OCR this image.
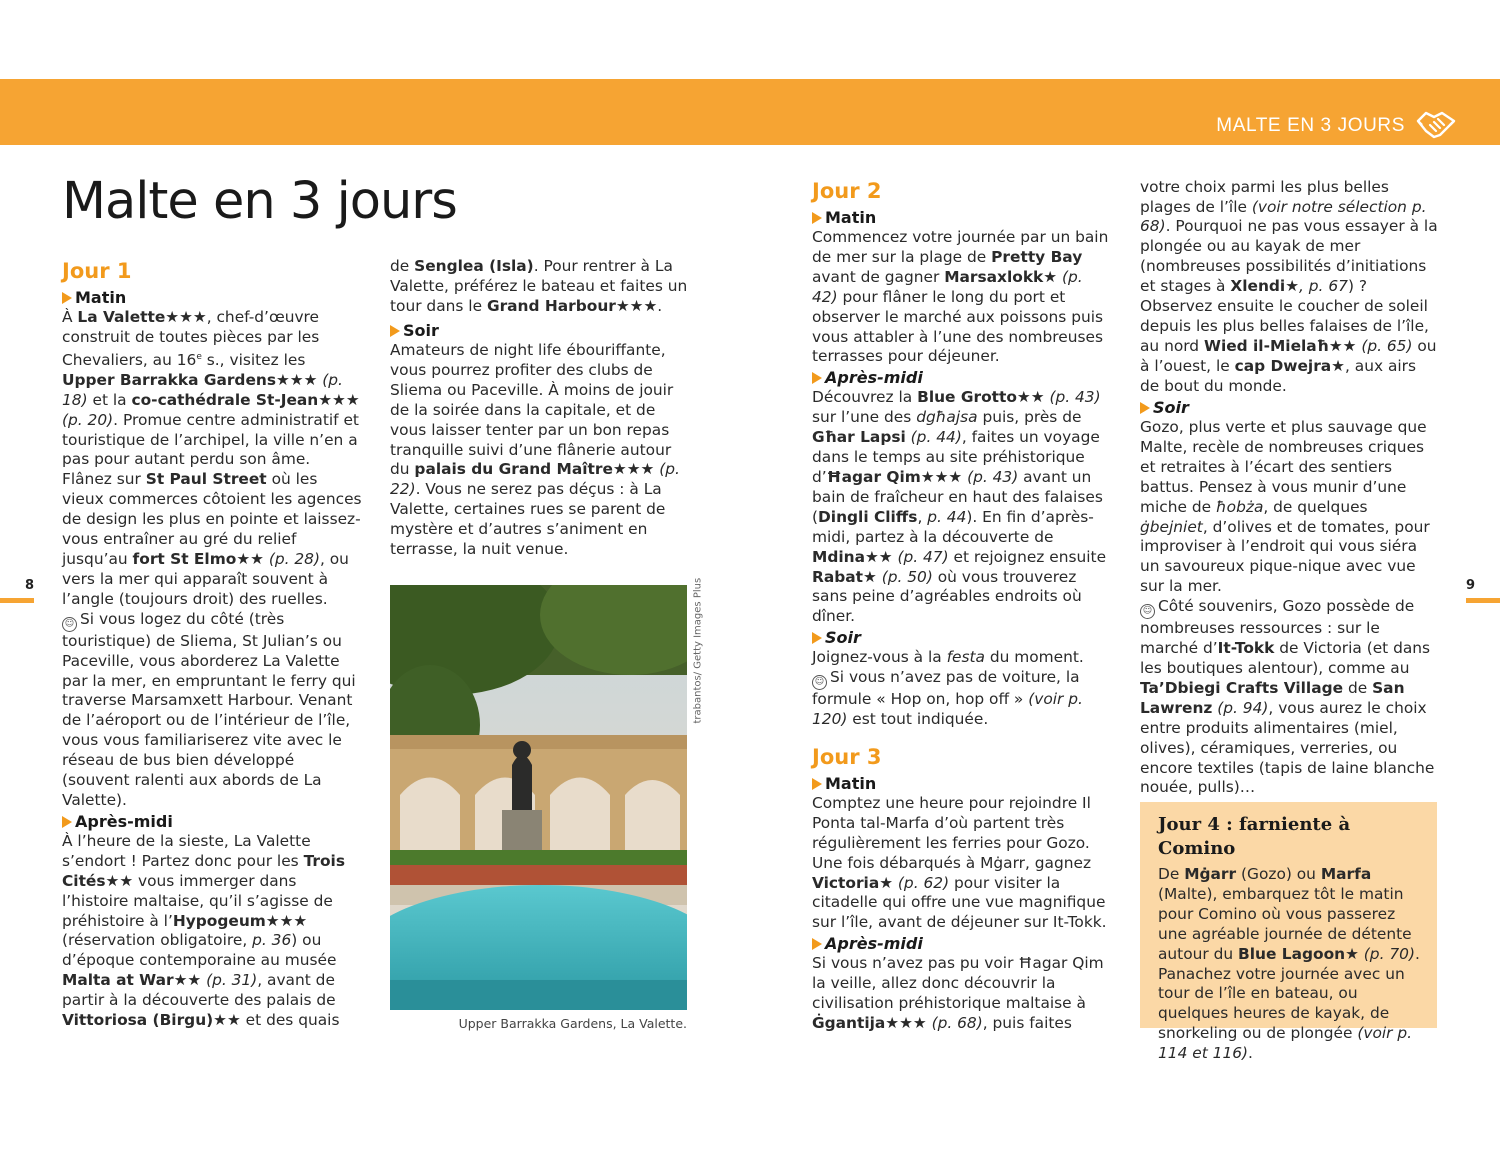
MALTE EN 3 JOURS
Malte en 3 jours
8	9
Jour 1
Matin

À La Valette★★★, chef-d’œuvre construit de toutes pièces par les Chevaliers, au 16e s., visitez les Upper Barrakka Gardens★★★ (p. 18) et la co-cathédrale St-Jean★★★ (p. 20). Promue centre administratif et touristique de l’archipel, la ville n’en a pas pour autant perdu son âme. Flânez sur St Paul Street où les vieux commerces côtoient les agences de design les plus en pointe et laissez-vous entraîner au gré du relief jusqu’au fort St Elmo★★ (p. 28), ou vers la mer qui apparaît souvent à l’angle (toujours droit) des ruelles.

☺ Si vous logez du côté (très touristique) de Sliema, St Julian’s ou Paceville, vous aborderez La Valette par la mer, en empruntant le ferry qui traverse Marsamxett Harbour. Venant de l’aéroport ou de l’intérieur de l’île, vous vous familiariserez vite avec le réseau de bus bien développé (souvent ralenti aux abords de La Valette).

Après-midi

À l’heure de la sieste, La Valette s’endort ! Partez donc pour les Trois Cités★★ vous immerger dans l’histoire maltaise, qu’il s’agisse de préhistoire à l’Hypogeum★★★ (réservation obligatoire, p. 36) ou d’époque contemporaine au musée Malta at War★★ (p. 31), avant de partir à la découverte des palais de Vittoriosa (Birgu)★★ et des quais

de Senglea (Isla). Pour rentrer à La Valette, préférez le bateau et faites un tour dans le Grand Harbour★★★.

Soir

Amateurs de night life ébouriffante, vous pourrez profiter des clubs de Sliema ou Paceville. À moins de jouir de la soirée dans la capitale, et de vous laisser tenter par un bon repas tranquille suivi d’une flânerie autour du palais du Grand Maître★★★ (p. 22). Vous ne serez pas déçus : à La Valette, certaines rues se parent de mystère et d’autres s’animent en terrasse, la nuit venue.

trabantos/ Getty Images Plus
Upper Barrakka Gardens, La Valette.
Jour 2
Matin

Commencez votre journée par un bain de mer sur la plage de Pretty Bay avant de gagner Marsaxlokk★ (p. 42) pour flâner le long du port et observer le marché aux poissons puis vous attabler à l’une des nombreuses terrasses pour déjeuner.

Après-midi

Découvrez la Blue Grotto★★ (p. 43) sur l’une des dgħajsa puis, près de Għar Lapsi (p. 44), faites un voyage dans le temps au site préhistorique d’Ħagar Qim★★★ (p. 43) avant un bain de fraîcheur en haut des falaises (Dingli Cliffs, p. 44). En fin d’après-midi, partez à la découverte de Mdina★★ (p. 47) et rejoignez ensuite Rabat★ (p. 50) où vous trouverez sans peine d’agréables endroits où dîner.

Soir

Joignez-vous à la festa du moment.

☺ Si vous n’avez pas de voiture, la formule « Hop on, hop off » (voir p. 120) est tout indiquée.

Jour 3
Matin

Comptez une heure pour rejoindre Il Ponta tal-Marfa d’où partent très régulièrement les ferries pour Gozo. Une fois débarqués à Mġarr, gagnez Victoria★ (p. 62) pour visiter la citadelle qui offre une vue magnifique sur l’île, avant de déjeuner sur It-Tokk.

Après-midi

Si vous n’avez pas pu voir Ħagar Qim la veille, allez donc découvrir la civilisation préhistorique maltaise à Ġgantija★★★ (p. 68), puis faites

votre choix parmi les plus belles plages de l’île (voir notre sélection p. 68). Pourquoi ne pas vous essayer à la plongée ou au kayak de mer (nombreuses possibilités d’initiations et stages à Xlendi★, p. 67) ? Observez ensuite le coucher de soleil depuis les plus belles falaises de l’île, au nord Wied il-Mielaħ★★ (p. 65) ou à l’ouest, le cap Dwejra★, aux airs de bout du monde.

Soir

Gozo, plus verte et plus sauvage que Malte, recèle de nombreuses criques et retraites à l’écart des sentiers battus. Pensez à vous munir d’une miche de ħobża, de quelques ġbejniet, d’olives et de tomates, pour improviser à l’endroit qui vous siéra un savoureux pique-nique avec vue sur la mer.

☺ Côté souvenirs, Gozo possède de nombreuses ressources : sur le marché d’It-Tokk de Victoria (et dans les boutiques alentour), comme au Ta’Dbiegi Crafts Village de San Lawrenz (p. 94), vous aurez le choix entre produits alimentaires (miel, olives), céramiques, verreries, ou encore textiles (tapis de laine blanche nouée, pulls)…

Jour 4 : farniente à Comino

De Mġarr (Gozo) ou Marfa (Malte), embarquez tôt le matin pour Comino où vous passerez une agréable journée de détente autour du Blue Lagoon★ (p. 70).

Panachez votre journée avec un tour de l’île en bateau, ou quelques heures de kayak, de snorkeling ou de plongée (voir p. 114 et 116).
